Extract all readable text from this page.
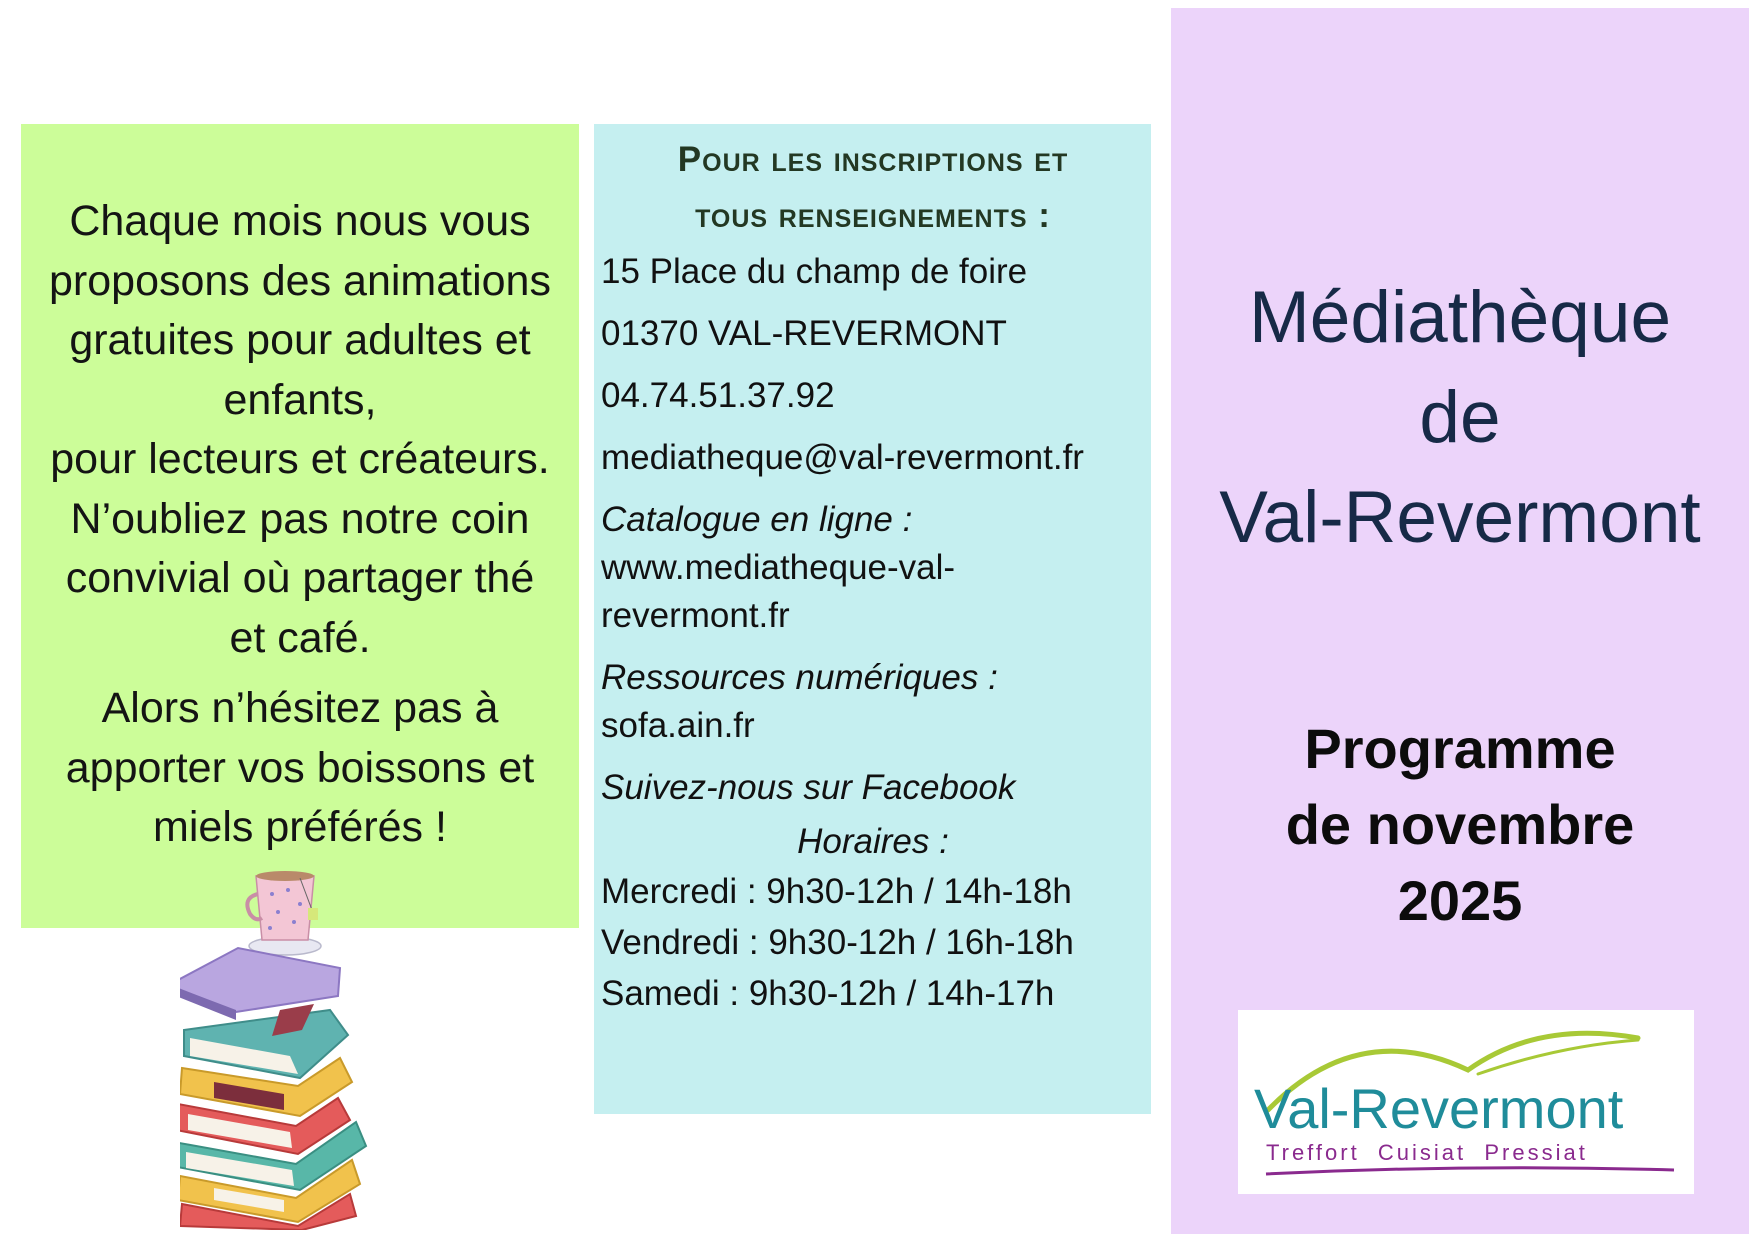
Chaque mois nous vous
proposons des animations
gratuites pour adultes et
enfants,
pour lecteurs et créateurs.
N’oubliez pas notre coin
convivial où partager thé
et café.

Alors n’hésitez pas à
apporter vos boissons et
miels préférés !

Pour les inscriptions et
tous renseignements :

15 Place du champ de foire

01370 VAL-REVERMONT

04.74.51.37.92

mediatheque@val-revermont.fr

Catalogue en ligne :

www.mediatheque-val-
revermont.fr

Ressources numériques :

sofa.ain.fr

Suivez-nous sur Facebook

Horaires :

Mercredi : 9h30-12h / 14h-18h

Vendredi : 9h30-12h / 16h-18h

Samedi : 9h30-12h / 14h-17h

Médiathèque
de
Val-Revermont
Programme
de novembre
2025
Val-Revermont
Treffort  Cuisiat  Pressiat
